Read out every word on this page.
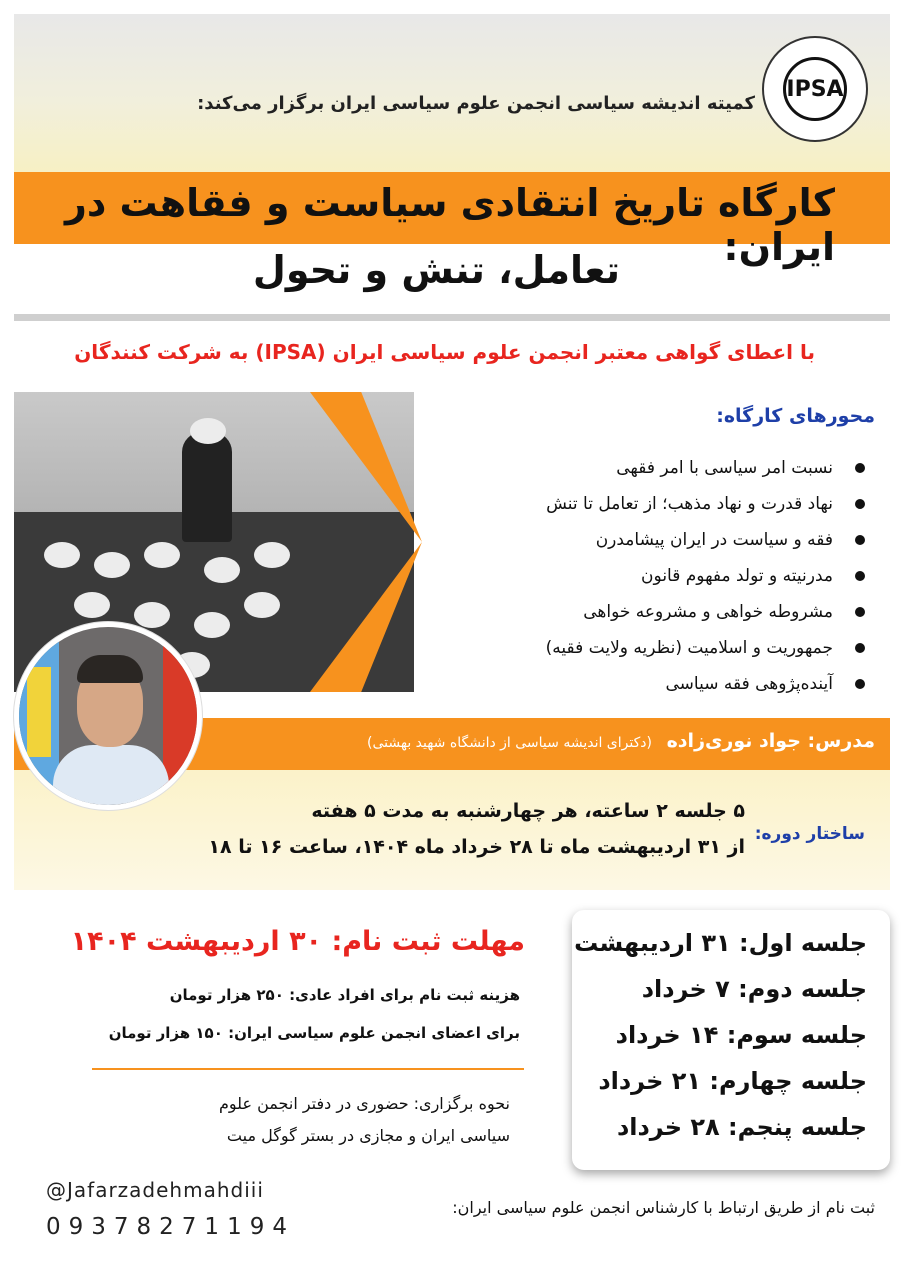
IPSA
کمیته اندیشه سیاسی انجمن علوم سیاسی ایران برگزار می‌کند:
کارگاه تاریخ انتقادی سیاست و فقاهت در ایران:
تعامل، تنش و تحول
با اعطای گواهی معتبر انجمن علوم سیاسی ایران (IPSA) به شرکت کنندگان
محورهای کارگاه:
نسبت امر سیاسی با امر فقهی
نهاد قدرت و نهاد مذهب؛ از تعامل تا تنش
فقه و سیاست در ایران پیشامدرن
مدرنیته و تولد مفهوم قانون
مشروطه خواهی و مشروعه خواهی
جمهوریت و اسلامیت (نظریه ولایت فقیه)
آینده‌پژوهی فقه سیاسی
مدرس: جواد نوری‌زاده (دکترای اندیشه سیاسی از دانشگاه شهید بهشتی)
ساختار دوره:
۵ جلسه ۲ ساعته، هر چهارشنبه به مدت ۵ هفته
از ۳۱ اردیبهشت ماه تا ۲۸ خرداد ماه ۱۴۰۴، ساعت ۱۶ تا ۱۸
جلسه اول: ۳۱ اردیبهشت
جلسه دوم: ۷ خرداد
جلسه سوم: ۱۴ خرداد
جلسه چهارم: ۲۱ خرداد
جلسه پنجم: ۲۸ خرداد
مهلت ثبت نام: ۳۰ اردیبهشت ۱۴۰۴
هزینه ثبت نام برای افراد عادی: ۲۵۰ هزار تومان
برای اعضای انجمن علوم سیاسی ایران: ۱۵۰ هزار تومان
نحوه برگزاری: حضوری در دفتر انجمن علوم
سیاسی ایران و مجازی در بستر گوگل میت
ثبت نام از طریق ارتباط با کارشناس انجمن علوم سیاسی ایران:
@Jafarzadehmahdiii
09378271194
